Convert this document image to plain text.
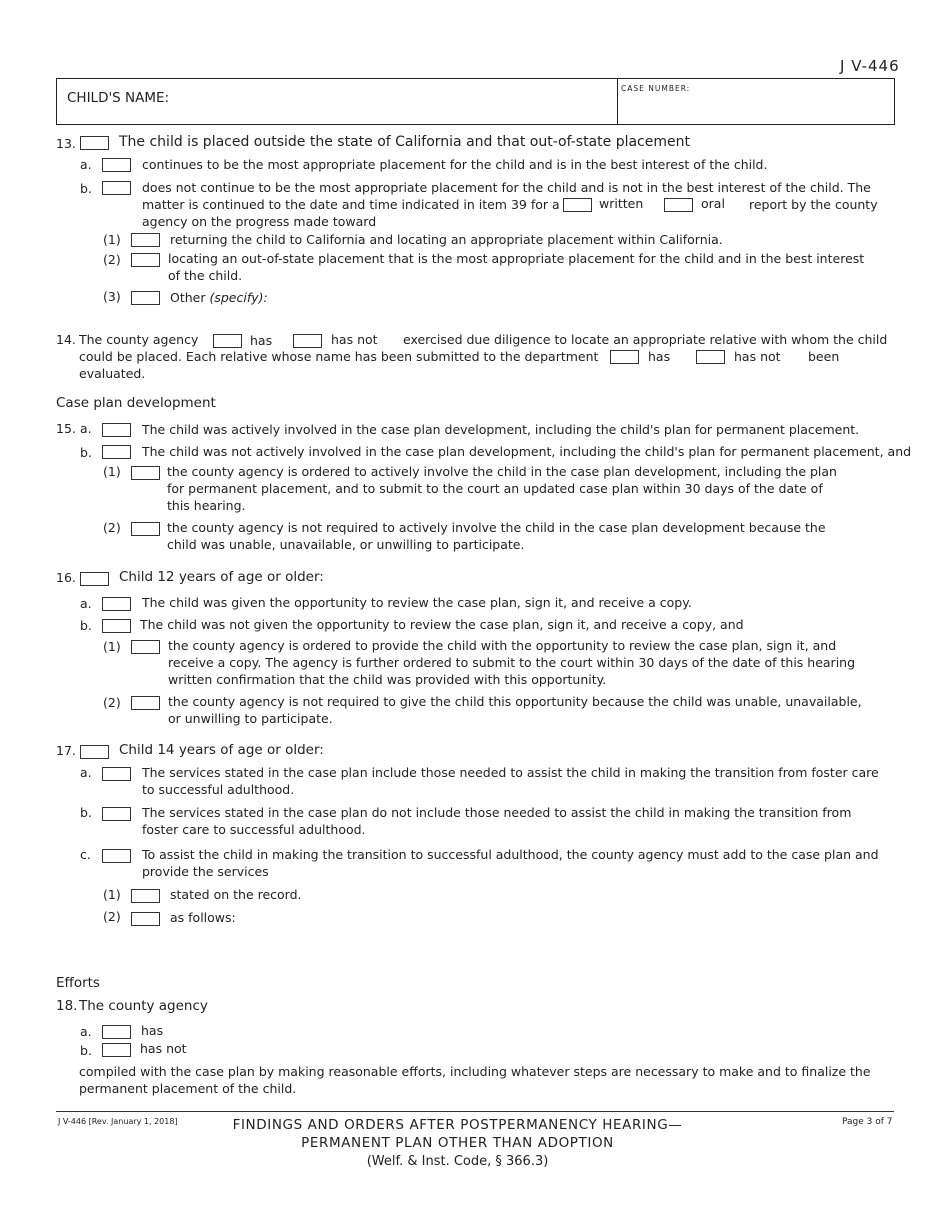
J V-446
CHILD'S NAME:
CASE NUMBER:
13.	The child is placed outside the state of California and that out-of-state placement
a.	continues to be the most appropriate placement for the child and is in the best interest of the child.
b.	does not continue to be the most appropriate placement for the child and is not in the best interest of the child. The
matter is continued to the date and time indicated in item 39 for a	written	oral report by the county
agency on the progress made toward
(1)	returning the child to California and locating an appropriate placement within California.
(2)	locating an out-of-state placement that is the most appropriate placement for the child and in the best interest of the child.
(3)	Other (specify):
14. The county agency	has	has not exercised due diligence to locate an appropriate relative with whom the child
could be placed. Each relative whose name has been submitted to the department	has	has not been
evaluated.
Case plan development
15. a.	The child was actively involved in the case plan development, including the child's plan for permanent placement.
b.	The child was not actively involved in the case plan development, including the child's plan for permanent placement, and
(1)	the county agency is ordered to actively involve the child in the case plan development, including the plan for permanent placement, and to submit to the court an updated case plan within 30 days of the date of this hearing.
(2)	the county agency is not required to actively involve the child in the case plan development because the child was unable, unavailable, or unwilling to participate.
16.	Child 12 years of age or older:
a.	The child was given the opportunity to review the case plan, sign it, and receive a copy.
b.	The child was not given the opportunity to review the case plan, sign it, and receive a copy, and
(1)	the county agency is ordered to provide the child with the opportunity to review the case plan, sign it, and receive a copy. The agency is further ordered to submit to the court within 30 days of the date of this hearing written confirmation that the child was provided with this opportunity.
(2)	the county agency is not required to give the child this opportunity because the child was unable, unavailable, or unwilling to participate.
17.	Child 14 years of age or older:
a.	The services stated in the case plan include those needed to assist the child in making the transition from foster care to successful adulthood.
b.	The services stated in the case plan do not include those needed to assist the child in making the transition from foster care to successful adulthood.
c.	To assist the child in making the transition to successful adulthood, the county agency must add to the case plan and provide the services
(1)	stated on the record.
(2)	as follows:
Efforts
18. The county agency
a.	has
b.	has not
compiled with the case plan by making reasonable efforts, including whatever steps are necessary to make and to finalize the permanent placement of the child.
J V-446 [Rev. January 1, 2018]	FINDINGS AND ORDERS AFTER POSTPERMANENCY HEARING—
PERMANENT PLAN OTHER THAN ADOPTION
(Welf. & Inst. Code, § 366.3)
Page 3 of 7
